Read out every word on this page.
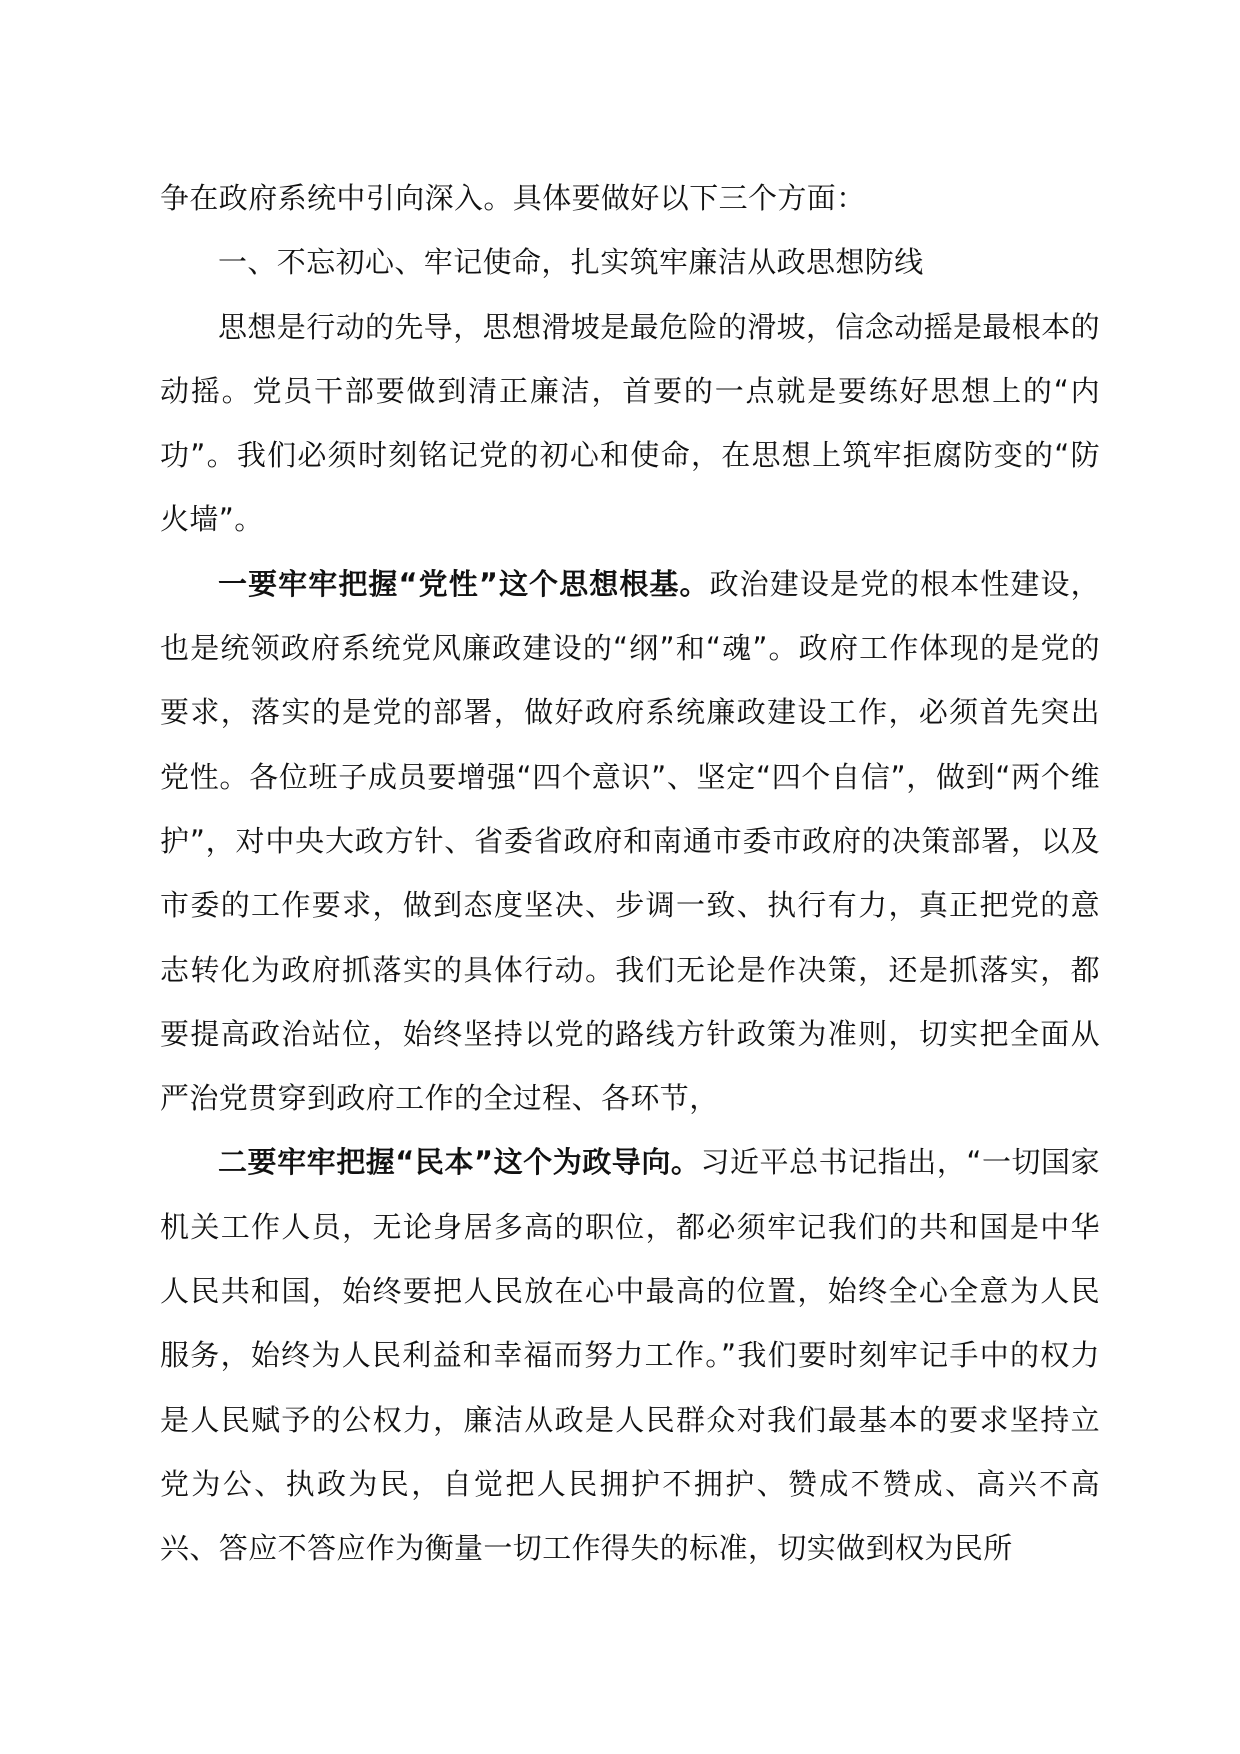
争在政府系统中引向深入。具体要做好以下三个方面：

一、不忘初心、牢记使命，扎实筑牢廉洁从政思想防线

思想是行动的先导，思想滑坡是最危险的滑坡，信念动摇是最根本的动摇。党员干部要做到清正廉洁，首要的一点就是要练好思想上的“内功”。我们必须时刻铭记党的初心和使命，在思想上筑牢拒腐防变的“防火墙”。

一要牢牢把握“党性”这个思想根基。政治建设是党的根本性建设，也是统领政府系统党风廉政建设的“纲”和“魂”。政府工作体现的是党的要求，落实的是党的部署，做好政府系统廉政建设工作，必须首先突出党性。各位班子成员要增强“四个意识”、坚定“四个自信”，做到“两个维护”，对中央大政方针、省委省政府和南通市委市政府的决策部署，以及市委的工作要求，做到态度坚决、步调一致、执行有力，真正把党的意志转化为政府抓落实的具体行动。我们无论是作决策，还是抓落实，都要提高政治站位，始终坚持以党的路线方针政策为准则，切实把全面从严治党贯穿到政府工作的全过程、各环节，

二要牢牢把握“民本”这个为政导向。习近平总书记指出，“一切国家机关工作人员，无论身居多高的职位，都必须牢记我们的共和国是中华人民共和国，始终要把人民放在心中最高的位置，始终全心全意为人民服务，始终为人民利益和幸福而努力工作。”我们要时刻牢记手中的权力是人民赋予的公权力，廉洁从政是人民群众对我们最基本的要求坚持立党为公、执政为民，自觉把人民拥护不拥护、赞成不赞成、高兴不高兴、答应不答应作为衡量一切工作得失的标准，切实做到权为民所
